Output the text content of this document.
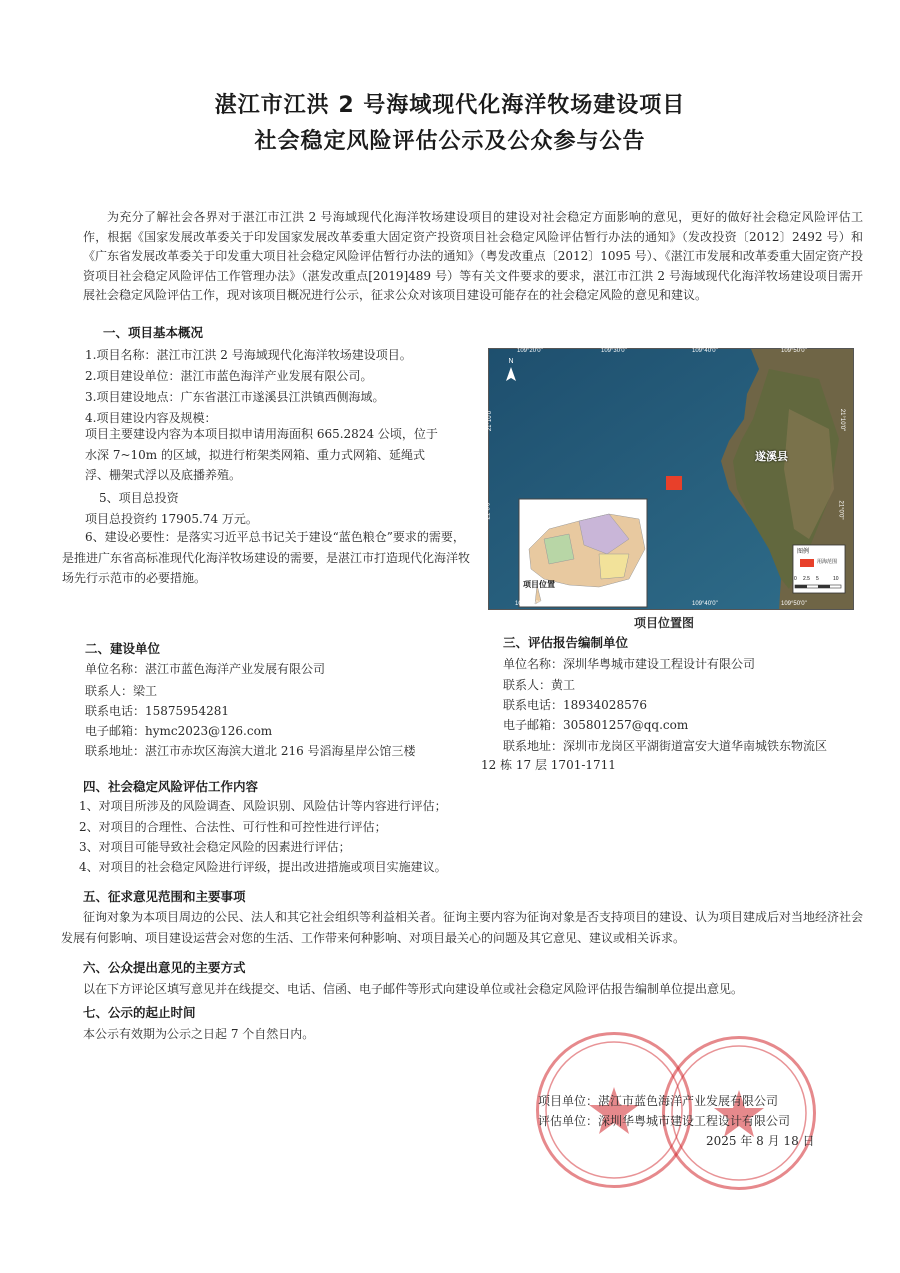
湛江市江洪 2 号海域现代化海洋牧场建设项目
社会稳定风险评估公示及公众参与公告
为充分了解社会各界对于湛江市江洪 2 号海域现代化海洋牧场建设项目的建设对社会稳定方面影响的意见，更好的做好社会稳定风险评估工作，根据《国家发展改革委关于印发国家发展改革委重大固定资产投资项目社会稳定风险评估暂行办法的通知》（发改投资〔2012〕2492 号）和《广东省发展改革委关于印发重大项目社会稳定风险评估暂行办法的通知》（粤发改重点〔2012〕1095 号）、《湛江市发展和改革委重大固定资产投资项目社会稳定风险评估工作管理办法》（湛发改重点[2019]489 号）等有关文件要求的要求，湛江市江洪 2 号海域现代化海洋牧场建设项目需开展社会稳定风险评估工作，现对该项目概况进行公示，征求公众对该项目建设可能存在的社会稳定风险的意见和建议。
一、项目基本概况
1.项目名称：湛江市江洪 2 号海域现代化海洋牧场建设项目。
2.项目建设单位：湛江市蓝色海洋产业发展有限公司。
3.项目建设地点：广东省湛江市遂溪县江洪镇西侧海域。
4.项目建设内容及规模：
项目主要建设内容为本项目拟申请用海面积 665.2824 公顷，位于水深 7~10m 的区域，拟进行桁架类网箱、重力式网箱、延绳式浮、栅架式浮以及底播养殖。
5、项目总投资
项目总投资约 17905.74 万元。
6、建设必要性：是落实习近平总书记关于建设“蓝色粮仓”要求的需要，是推进广东省高标准现代化海洋牧场建设的需要，是湛江市打造现代化海洋牧场先行示范市的必要措施。
N
109°20'0"	109°30'0"	109°40'0"	109°50'0"
109°20'0"	109°30'0"	109°40'0"	109°50'0"
21°10'0"
21°0'0"
21°10'0"
21°0'0"
遂溪县
项目位置
图例
用海范围
0 2.5 5	10
项目位置图
二、建设单位
单位名称：湛江市蓝色海洋产业发展有限公司
联系人：梁工
联系电话：15875954281
电子邮箱：hymc2023@126.com
联系地址：湛江市赤坎区海滨大道北 216 号滔海星岸公馆三楼
三、评估报告编制单位
单位名称：深圳华粤城市建设工程设计有限公司
联系人：黄工
联系电话：18934028576
电子邮箱：305801257@qq.com
联系地址：深圳市龙岗区平湖街道富安大道华南城铁东物流区
12 栋 17 层 1701-1711
四、社会稳定风险评估工作内容
1、对项目所涉及的风险调查、风险识别、风险估计等内容进行评估；
2、对项目的合理性、合法性、可行性和可控性进行评估；
3、对项目可能导致社会稳定风险的因素进行评估；
4、对项目的社会稳定风险进行评级，提出改进措施或项目实施建议。
五、征求意见范围和主要事项
征询对象为本项目周边的公民、法人和其它社会组织等利益相关者。征询主要内容为征询对象是否支持项目的建设、认为项目建成后对当地经济社会发展有何影响、项目建设运营会对您的生活、工作带来何种影响、对项目最关心的问题及其它意见、建议或相关诉求。
六、公众提出意见的主要方式
以在下方评论区填写意见并在线提交、电话、信函、电子邮件等形式向建设单位或社会稳定风险评估报告编制单位提出意见。
七、公示的起止时间
本公示有效期为公示之日起 7 个自然日内。
项目单位：湛江市蓝色海洋产业发展有限公司
评估单位：深圳华粤城市建设工程设计有限公司
2025 年 8 月 18 日
